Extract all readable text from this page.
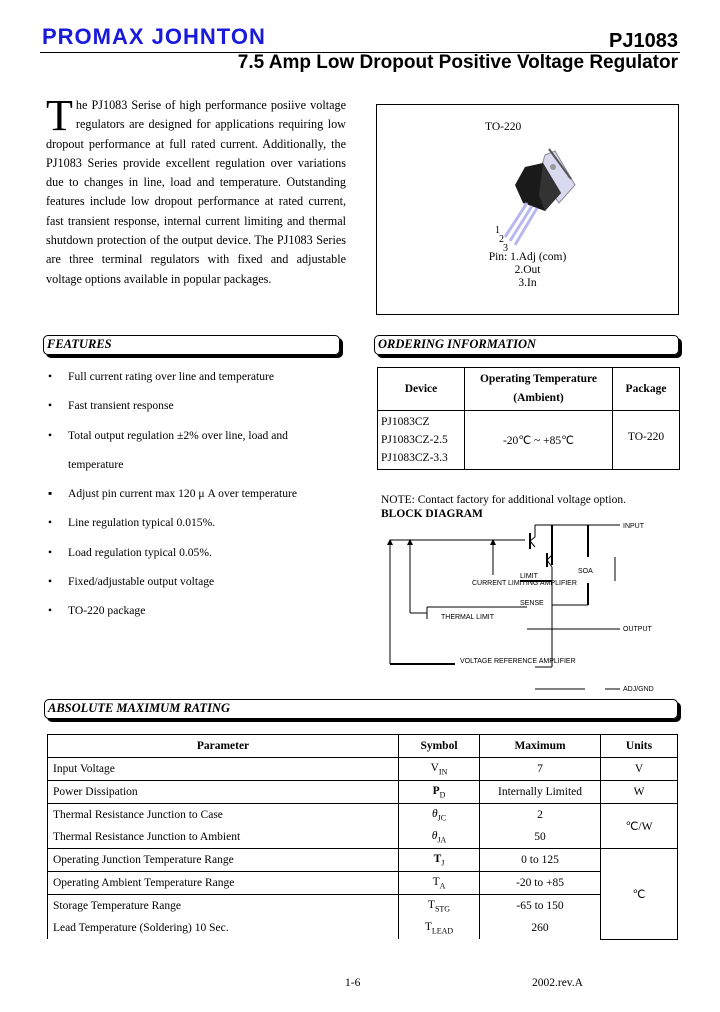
PROMAX JOHNTON	PJ1083
7.5 Amp Low Dropout Positive Voltage Regulator
T he PJ1083 Serise of high performance posiive voltage regulators are designed for applications requiring low dropout performance at full rated current. Additionally, the PJ1083 Series provide excellent regulation over variations due to changes in line, load and temperature. Outstanding features include low dropout performance at rated current, fast transient response, internal current limiting and thermal shutdown protection of the output device. The PJ1083 Series are three terminal regulators with fixed and adjustable voltage options available in popular packages.
TO-220
1
2
3
Pin: 1.Adj (com)
2.Out
3.In
FEATURES
• Full current rating over line and temperature
• Fast transient response
• Total output regulation ±2% over line, load and
temperature
▪ Adjust pin current max 120 μ A over temperature
• Line regulation typical 0.015%.
• Load regulation typical 0.05%.
• Fixed/adjustable output voltage
• TO-220 package
ORDERING INFORMATION
Device	Operating Temperature (Ambient)	Package

PJ1083CZ
PJ1083CZ-2.5
PJ1083CZ-3.3	-20℃ ~ +85℃	TO-220
NOTE: Contact factory for additional voltage option.
BLOCK DIAGRAM
INPUT
LIMIT
CURRENT LIMITING AMPLIFIER
SENSE
SOA
THERMAL LIMIT
OUTPUT
VOLTAGE REFERENCE AMPLIFIER
ADJ/GND
ABSOLUTE MAXIMUM RATING
Parameter	Symbol	Maximum	Units
Input Voltage	$V_{IN}$	7	V
Power Dissipation	$P_D$	Internally Limited	W
Thermal Resistance Junction to Case	$\theta_{JC}$	2	℃/W
Thermal Resistance Junction to Ambient	$\theta_{JA}$	50	
Operating Junction Temperature Range	$T_J$	0 to 125	℃
Operating Ambient Temperature Range	$T_A$	-20 to +85	
Storage Temperature Range	$T_{STG}$	-65 to 150	
Lead Temperature (Soldering) 10 Sec.	$T_{LEAD}$	260	
1-6	2002.rev.A
